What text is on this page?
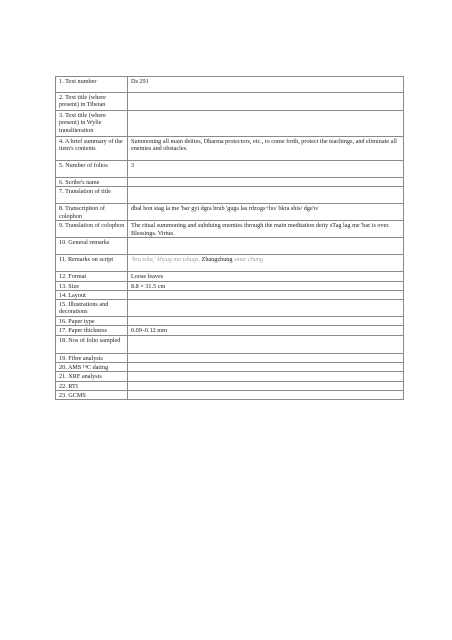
1. Text number	Ds 291
2. Text title (where present) in Tibetan	
3. Text title (where present) in Wylie transliteration	
4. A brief summary of the item's contents	Summoning all main deities, Dharma protectors, etc., to come forth, protect the teachings, and eliminate all enemies and obstacles.
5. Number of folios	3
6. Scribe's name	
7. Translation of title	
8. Transcription of colophon	dbal bon stag la me 'bar gyi dgra brub 'gugs las rdzogs+ho/ bkra shis/ dge'o/
9. Translation of colophon	The ritual summoning and subduing enemies through the main meditation deity sTag lag me 'bar is over. Blessings. Virtue.
10. General remarks	
11. Remarks on script	'bru tsha,' khyug ma tshugs, Zhangzhung smar chung
12. Format	Loose leaves
13. Size	8.8 × 31.5 cm
14. Layout	
15. Illustrations and decorations	
16. Paper type	
17. Paper thickness	0.09–0.12 mm
18. Nos of folio sampled	
19. Fibre analysis	
20. AMS ¹⁴C dating	
21. XRF analysis	
22. RTI	
23. GCMS	
